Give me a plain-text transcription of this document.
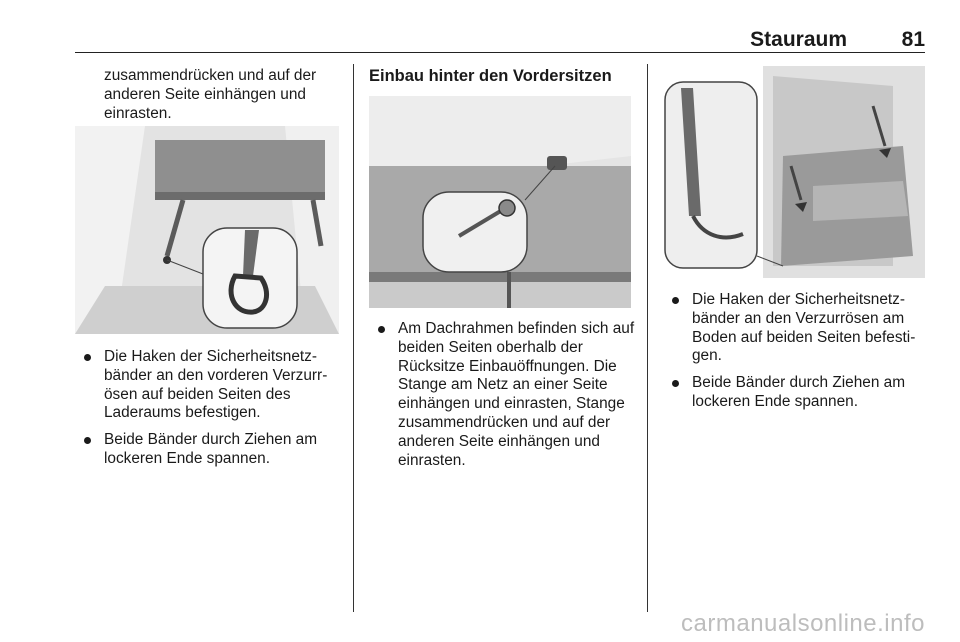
Stauraum	81

zusammendrücken und auf der anderen Seite einhängen und einrasten.

Die Haken der Sicherheitsnetzbänder an den vorderen Verzurrösen auf beiden Seiten des Laderaums befestigen.
Beide Bänder durch Ziehen am lockeren Ende spannen.
Einbau hinter den Vordersitzen
Am Dachrahmen befinden sich auf beiden Seiten oberhalb der Rücksitze Einbauöffnungen. Die Stange am Netz an einer Seite einhängen und einrasten, Stange zusammendrücken und auf der anderen Seite einhängen und einrasten.
Die Haken der Sicherheitsnetzbänder an den Verzurrösen am Boden auf beiden Seiten befestigen.
Beide Bänder durch Ziehen am lockeren Ende spannen.
carmanualsonline.info
